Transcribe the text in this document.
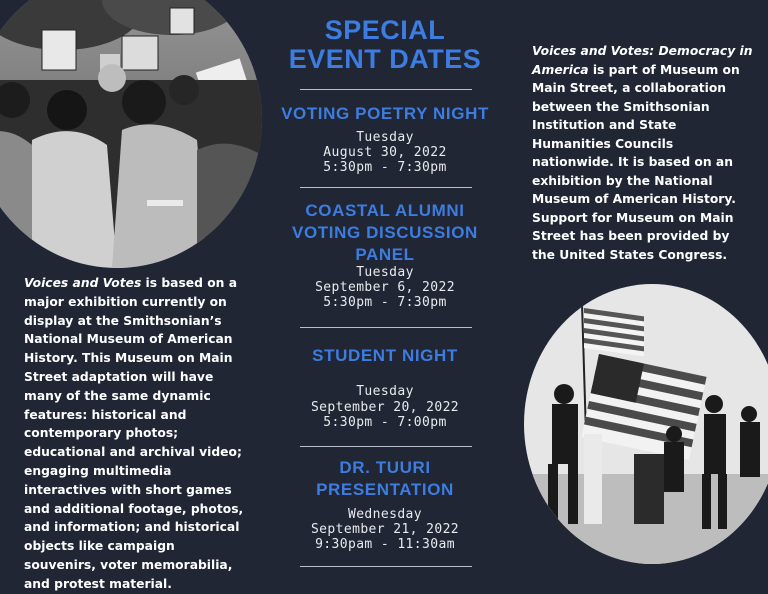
Voices and Votes is based on a major exhibition currently on display at the Smithsonian’s National Museum of American History. This Museum on Main Street adaptation will have many of the same dynamic features: historical and contemporary photos; educational and archival video; engaging multimedia interactives with short games and additional footage, photos, and information; and historical objects like campaign souvenirs, voter memorabilia, and protest material.
SPECIAL
EVENT DATES
VOTING POETRY NIGHT
Tuesday
August 30, 2022
5:30pm - 7:30pm
COASTAL ALUMNI
VOTING DISCUSSION
PANEL
Tuesday
September 6, 2022
5:30pm - 7:30pm
STUDENT NIGHT
Tuesday
September 20, 2022
5:30pm - 7:00pm
DR. TUURI
PRESENTATION
Wednesday
September 21, 2022
9:30pam - 11:30am
Voices and Votes: Democracy in America is part of Museum on Main Street, a collaboration between the Smithsonian Institution and State Humanities Councils nationwide. It is based on an exhibition by the National Museum of American History. Support for Museum on Main Street has been provided by the United States Congress.
